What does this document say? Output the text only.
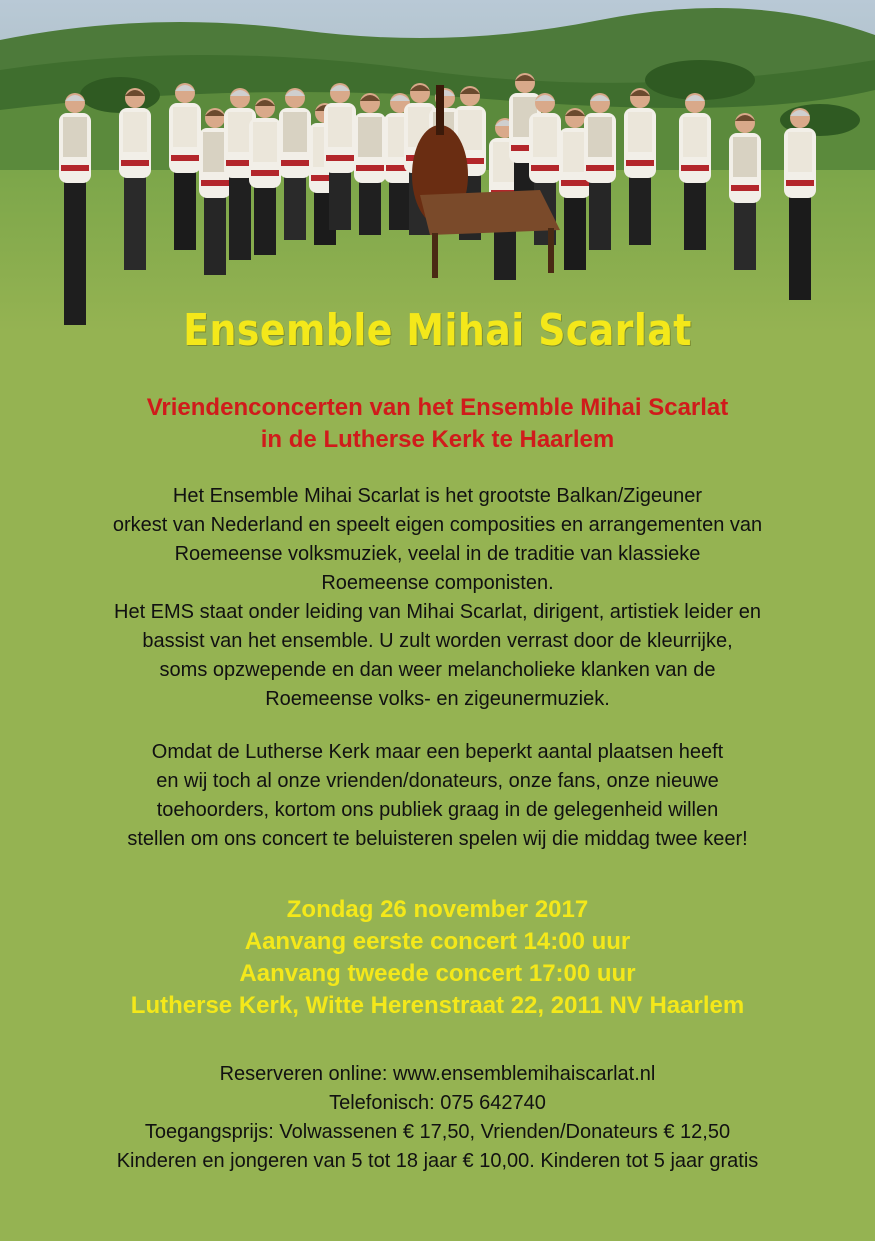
Ensemble Mihai Scarlat
Vriendenconcerten van het Ensemble Mihai Scarlat
in de Lutherse Kerk te Haarlem
Het Ensemble Mihai Scarlat is het grootste Balkan/Zigeuner
orkest van Nederland en speelt eigen composities en arrangementen van
Roemeense volksmuziek, veelal in de traditie van klassieke
Roemeense componisten.
Het EMS staat onder leiding van Mihai Scarlat, dirigent, artistiek leider en
bassist van het ensemble. U zult worden verrast door de kleurrijke,
soms opzwepende en dan weer melancholieke klanken van de
Roemeense volks- en zigeunermuziek.
Omdat de Lutherse Kerk maar een beperkt aantal plaatsen heeft
en wij toch al onze vrienden/donateurs, onze fans, onze nieuwe
toehoorders, kortom ons publiek graag in de gelegenheid willen
stellen om ons concert te beluisteren spelen wij die middag twee keer!
Zondag 26 november 2017
Aanvang eerste concert 14:00 uur
Aanvang tweede concert 17:00 uur
Lutherse Kerk, Witte Herenstraat 22, 2011 NV Haarlem
Reserveren online: www.ensemblemihaiscarlat.nl
Telefonisch: 075 642740
Toegangsprijs: Volwassenen € 17,50, Vrienden/Donateurs € 12,50
Kinderen en jongeren van 5 tot 18 jaar € 10,00. Kinderen tot 5 jaar gratis
